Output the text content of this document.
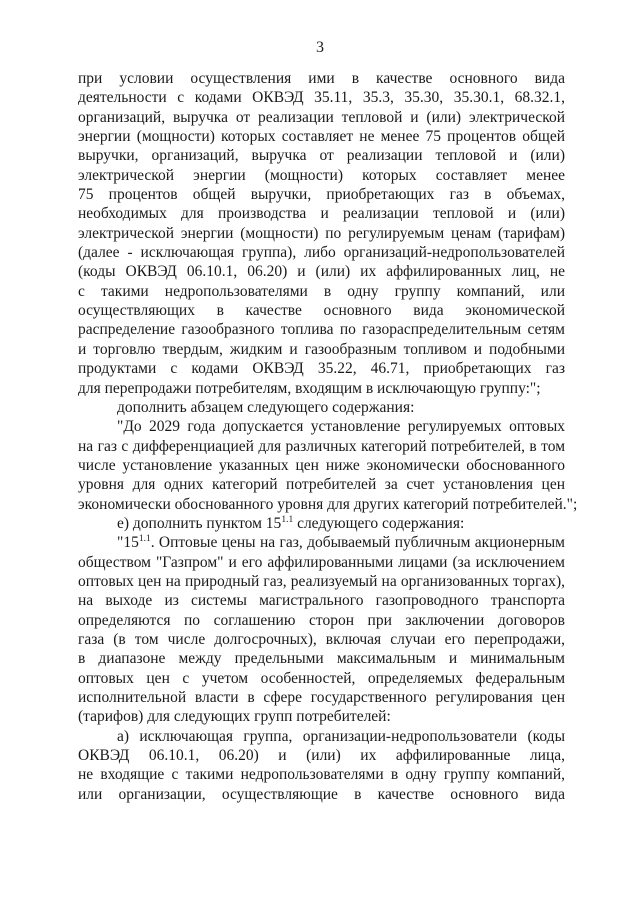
3
при условии осуществления ими в качестве основного вида
деятельности с кодами ОКВЭД 35.11, 35.3, 35.30, 35.30.1, 68.32.1,
организаций, выручка от реализации тепловой и (или) электрической
энергии (мощности) которых составляет не менее 75 процентов общей
выручки, организаций, выручка от реализации тепловой и (или)
электрической энергии (мощности) которых составляет менее
75 процентов общей выручки, приобретающих газ в объемах,
необходимых для производства и реализации тепловой и (или)
электрической энергии (мощности) по регулируемым ценам (тарифам)
(далее - исключающая группа), либо организаций-недропользователей
(коды ОКВЭД 06.10.1, 06.20) и (или) их аффилированных лиц, не
с такими недропользователями в одну группу компаний, или
осуществляющих в качестве основного вида экономической
распределение газообразного топлива по газораспределительным сетям
и торговлю твердым, жидким и газообразным топливом и подобными
продуктами с кодами ОКВЭД 35.22, 46.71, приобретающих газ
для перепродажи потребителям, входящим в исключающую группу:";
дополнить абзацем следующего содержания:
"До 2029 года допускается установление регулируемых оптовых
на газ с дифференциацией для различных категорий потребителей, в том
числе установление указанных цен ниже экономически обоснованного
уровня для одних категорий потребителей за счет установления цен
экономически обоснованного уровня для других категорий потребителей.";
е) дополнить пунктом $15^{1.1}$ следующего содержания:
"$15^{1.1}$. Оптовые цены на газ, добываемый публичным акционерным
обществом "Газпром" и его аффилированными лицами (за исключением
оптовых цен на природный газ, реализуемый на организованных торгах),
на выходе из системы магистрального газопроводного транспорта
определяются по соглашению сторон при заключении договоров
газа (в том числе долгосрочных), включая случаи его перепродажи,
в диапазоне между предельными максимальным и минимальным
оптовых цен с учетом особенностей, определяемых федеральным
исполнительной власти в сфере государственного регулирования цен
(тарифов) для следующих групп потребителей:
а) исключающая группа, организации-недропользователи (коды
ОКВЭД 06.10.1, 06.20) и (или) их аффилированные лица,
не входящие с такими недропользователями в одну группу компаний,
или организации, осуществляющие в качестве основного вида
